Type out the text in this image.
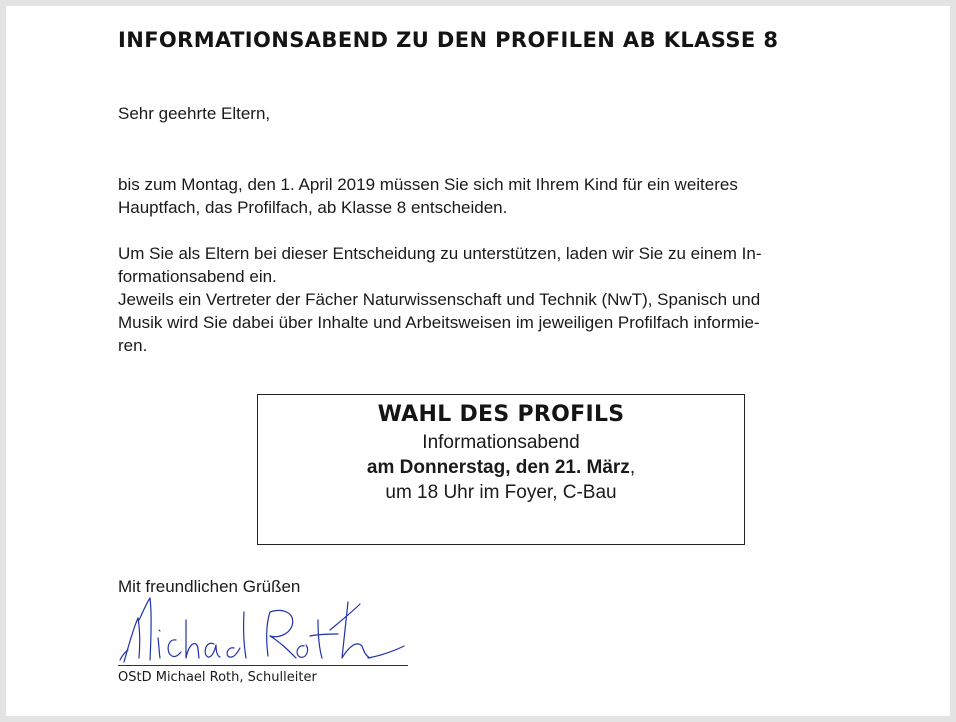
INFORMATIONSABEND ZU DEN PROFILEN AB KLASSE 8

Sehr geehrte Eltern,

bis zum Montag, den 1. April 2019 müssen Sie sich mit Ihrem Kind für ein weiteres
Hauptfach, das Profilfach, ab Klasse 8 entscheiden.

Um Sie als Eltern bei dieser Entscheidung zu unterstützen, laden wir Sie zu einem In-
formationsabend ein.

Jeweils ein Vertreter der Fächer Naturwissenschaft und Technik (NwT), Spanisch und
Musik wird Sie dabei über Inhalte und Arbeitsweisen im jeweiligen Profilfach informie-
ren.

WAHL DES PROFILS

Informationsabend

am Donnerstag, den 21. März,

um 18 Uhr im Foyer, C-Bau

Mit freundlichen Grüßen

OStD Michael Roth, Schulleiter
